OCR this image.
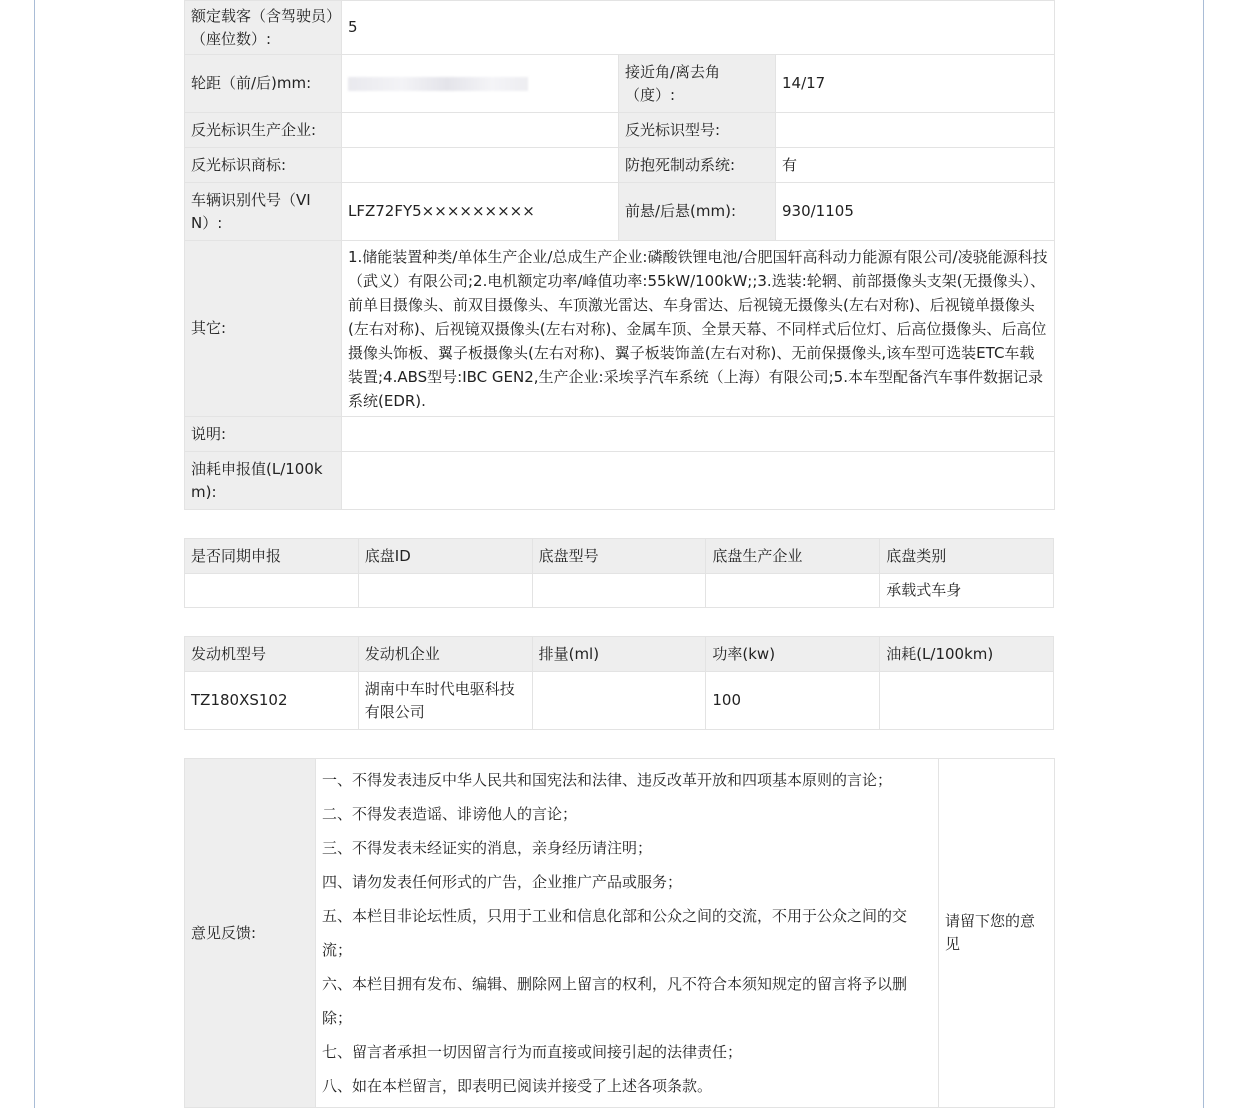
额定载客（含驾驶员）（座位数）:	5		
轮距（前/后)mm:		接近角/离去角（度）:	14/17
反光标识生产企业:		反光标识型号:	
反光标识商标:		防抱死制动系统:	有
车辆识别代号（VIN）:	LFZ72FY5×××××××××	前悬/后悬(mm):	930/1105
其它:	1.储能装置种类/单体生产企业/总成生产企业:磷酸铁锂电池/合肥国轩高科动力能源有限公司/凌骁能源科技（武义）有限公司;2.电机额定功率/峰值功率:55kW/100kW;;3.选装:轮辋、前部摄像头支架(无摄像头）、前单目摄像头、前双目摄像头、车顶激光雷达、车身雷达、后视镜无摄像头(左右对称)、后视镜单摄像头(左右对称)、后视镜双摄像头(左右对称)、金属车顶、全景天幕、不同样式后位灯、后高位摄像头、后高位摄像头饰板、翼子板摄像头(左右对称)、翼子板装饰盖(左右对称)、无前保摄像头,该车型可选装ETC车载装置;4.ABS型号:IBC GEN2,生产企业:采埃孚汽车系统（上海）有限公司;5.本车型配备汽车事件数据记录系统(EDR).		
说明:			
油耗申报值(L/100km):			
是否同期申报	底盘ID	底盘型号	底盘生产企业	底盘类别
				承载式车身
发动机型号	发动机企业	排量(ml)	功率(kw)	油耗(L/100km)
TZ180XS102	湖南中车时代电驱科技有限公司		100	
意见反馈:	

一、不得发表违反中华人民共和国宪法和法律、违反改革开放和四项基本原则的言论；

二、不得发表造谣、诽谤他人的言论；

三、不得发表未经证实的消息，亲身经历请注明；

四、请勿发表任何形式的广告，企业推广产品或服务；

五、本栏目非论坛性质，只用于工业和信息化部和公众之间的交流，不用于公众之间的交流；

六、本栏目拥有发布、编辑、删除网上留言的权利，凡不符合本须知规定的留言将予以删除；

七、留言者承担一切因留言行为而直接或间接引起的法律责任；

八、如在本栏留言，即表明已阅读并接受了上述各项条款。

	请留下您的意见
